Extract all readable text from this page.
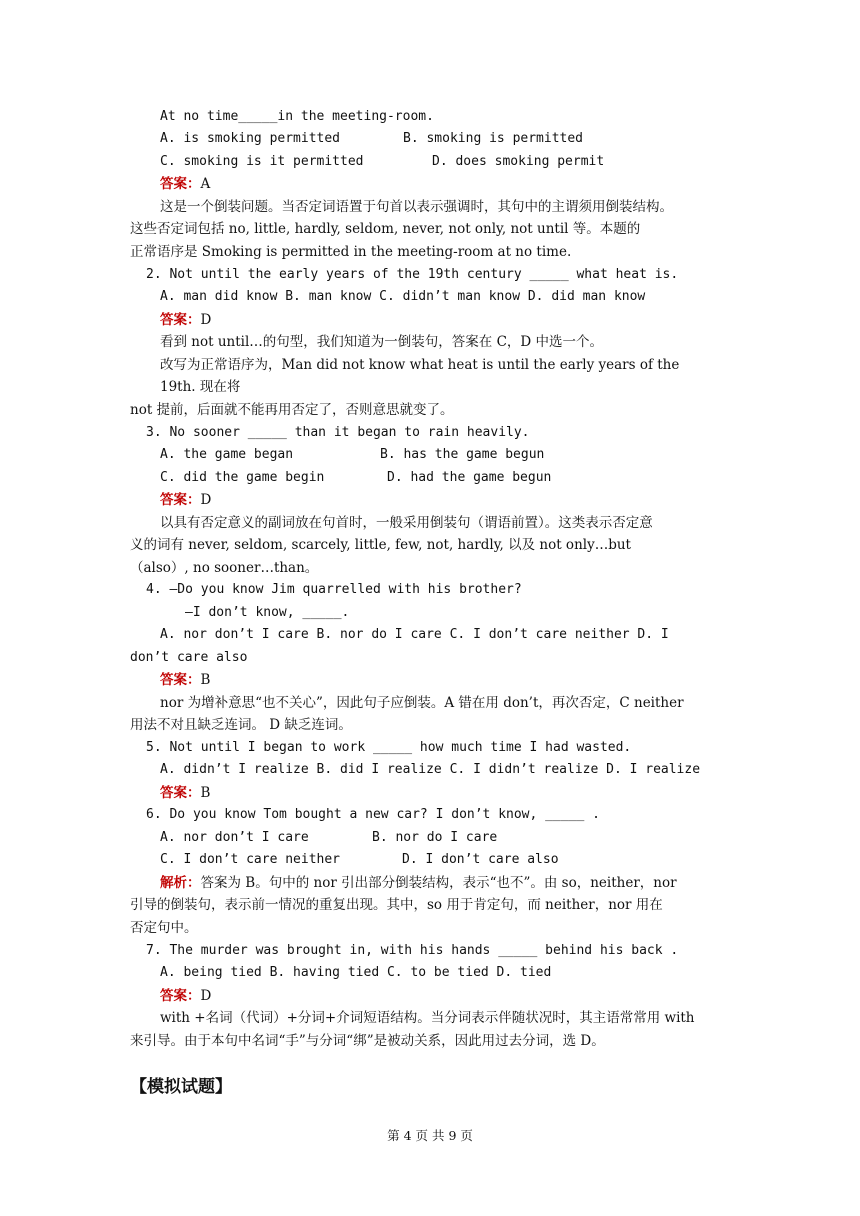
At no time_____in the meeting-room.
A. is smoking permitted	B. smoking is permitted
C. smoking is it permitted	D. does smoking permit
答案：A
这是一个倒装问题。当否定词语置于句首以表示强调时，其句中的主谓须用倒装结构。
这些否定词包括 no, little, hardly, seldom, never, not only, not until 等。本题的
正常语序是 Smoking is permitted in the meeting-room at no time.
2. Not until the early years of the 19th century _____ what heat is.
A. man did know B. man know C. didn’t man know D. did man know
答案：D
看到 not until…的句型，我们知道为一倒装句，答案在 C，D 中选一个。
改写为正常语序为，Man did not know what heat is until the early years of the
19th. 现在将
not 提前，后面就不能再用否定了，否则意思就变了。
3. No sooner _____ than it began to rain heavily.
A. the game began	B. has the game begun
C. did the game begin	D. had the game begun
答案：D
以具有否定意义的副词放在句首时，一般采用倒装句（谓语前置）。这类表示否定意
义的词有 never, seldom, scarcely, little, few, not, hardly, 以及 not only…but
（also）, no sooner…than。
4. —Do you know Jim quarrelled with his brother?
—I don’t know, _____.
A. nor don’t I care B. nor do I care C. I don’t care neither D. I
don’t care also
答案：B
nor 为增补意思“也不关心”，因此句子应倒装。A 错在用 don’t，再次否定，C neither
用法不对且缺乏连词。 D 缺乏连词。
5. Not until I began to work _____ how much time I had wasted.
A. didn’t I realize B. did I realize C. I didn’t realize D. I realize
答案：B
6. Do you know Tom bought a new car? I don’t know, _____ .
A. nor don’t I care	B. nor do I care
C. I don’t care neither	D. I don’t care also
解析：答案为 B。句中的 nor 引出部分倒装结构，表示“也不”。由 so，neither，nor
引导的倒装句，表示前一情况的重复出现。其中，so 用于肯定句，而 neither，nor 用在
否定句中。
7. The murder was brought in, with his hands _____ behind his back .
A. being tied B. having tied C. to be tied D. tied
答案：D
with +名词（代词）+分词+介词短语结构。当分词表示伴随状况时，其主语常常用 with
来引导。由于本句中名词“手”与分词“绑”是被动关系，因此用过去分词，选 D。
【模拟试题】
第 4 页 共 9 页
